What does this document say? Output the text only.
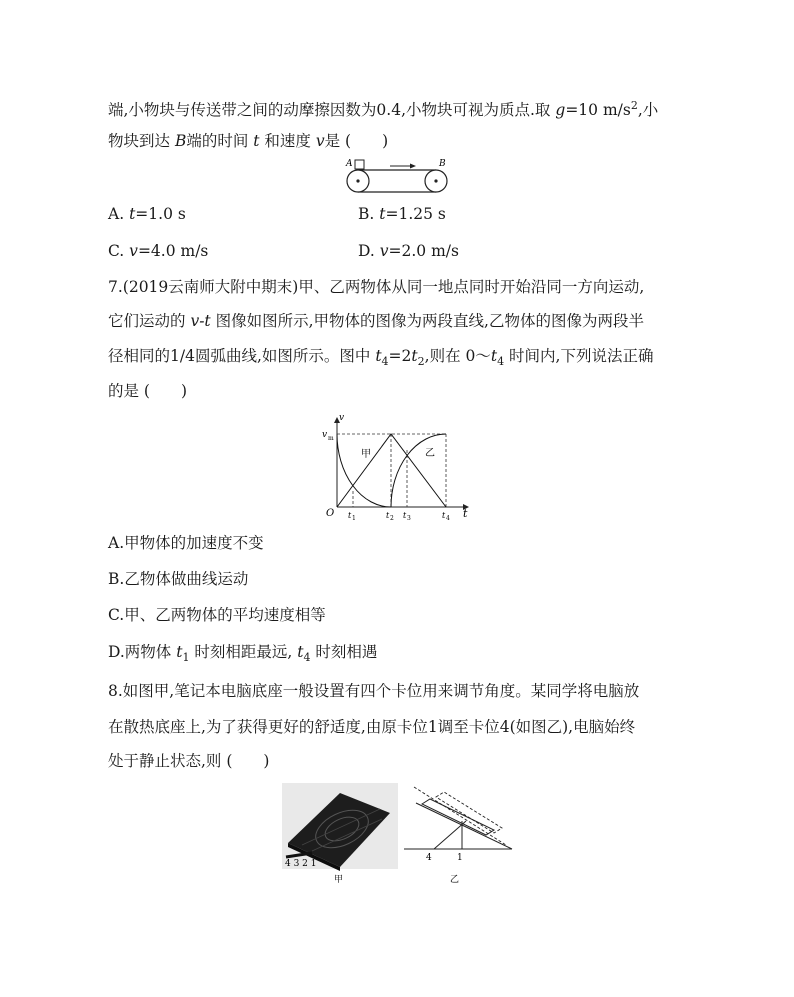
端,小物块与传送带之间的动摩擦因数为0.4,小物块可视为质点.取 g=10 $m/s^2$,小
物块到达 B端的时间 t 和速度 v是 (　　)
A	B
A. t=1.0 s	B. t=1.25 s
C. v=4.0 m/s	D. v=2.0 m/s
7.(2019云南师大附中期末)甲、乙两物体从同一地点同时开始沿同一方向运动,
它们运动的 v-t 图像如图所示,甲物体的图像为两段直线,乙物体的图像为两段半
径相同的1/4圆弧曲线,如图所示。图中 $t_4=2t_2$,则在 $0\sim t_4$ 时间内,下列说法正确
的是 (　　)
v
v m
O	t
t 1	t 2 t 3	t 4
甲	乙
A.甲物体的加速度不变
B.乙物体做曲线运动
C.甲、乙两物体的平均速度相等
D.两物体 $t_1$ 时刻相距最远, $t_4$ 时刻相遇
8.如图甲,笔记本电脑底座一般设置有四个卡位用来调节角度。某同学将电脑放
在散热底座上,为了获得更好的舒适度,由原卡位1调至卡位4(如图乙),电脑始终
处于静止状态,则 (　　)
4 3 2 1
甲
4	1
乙
